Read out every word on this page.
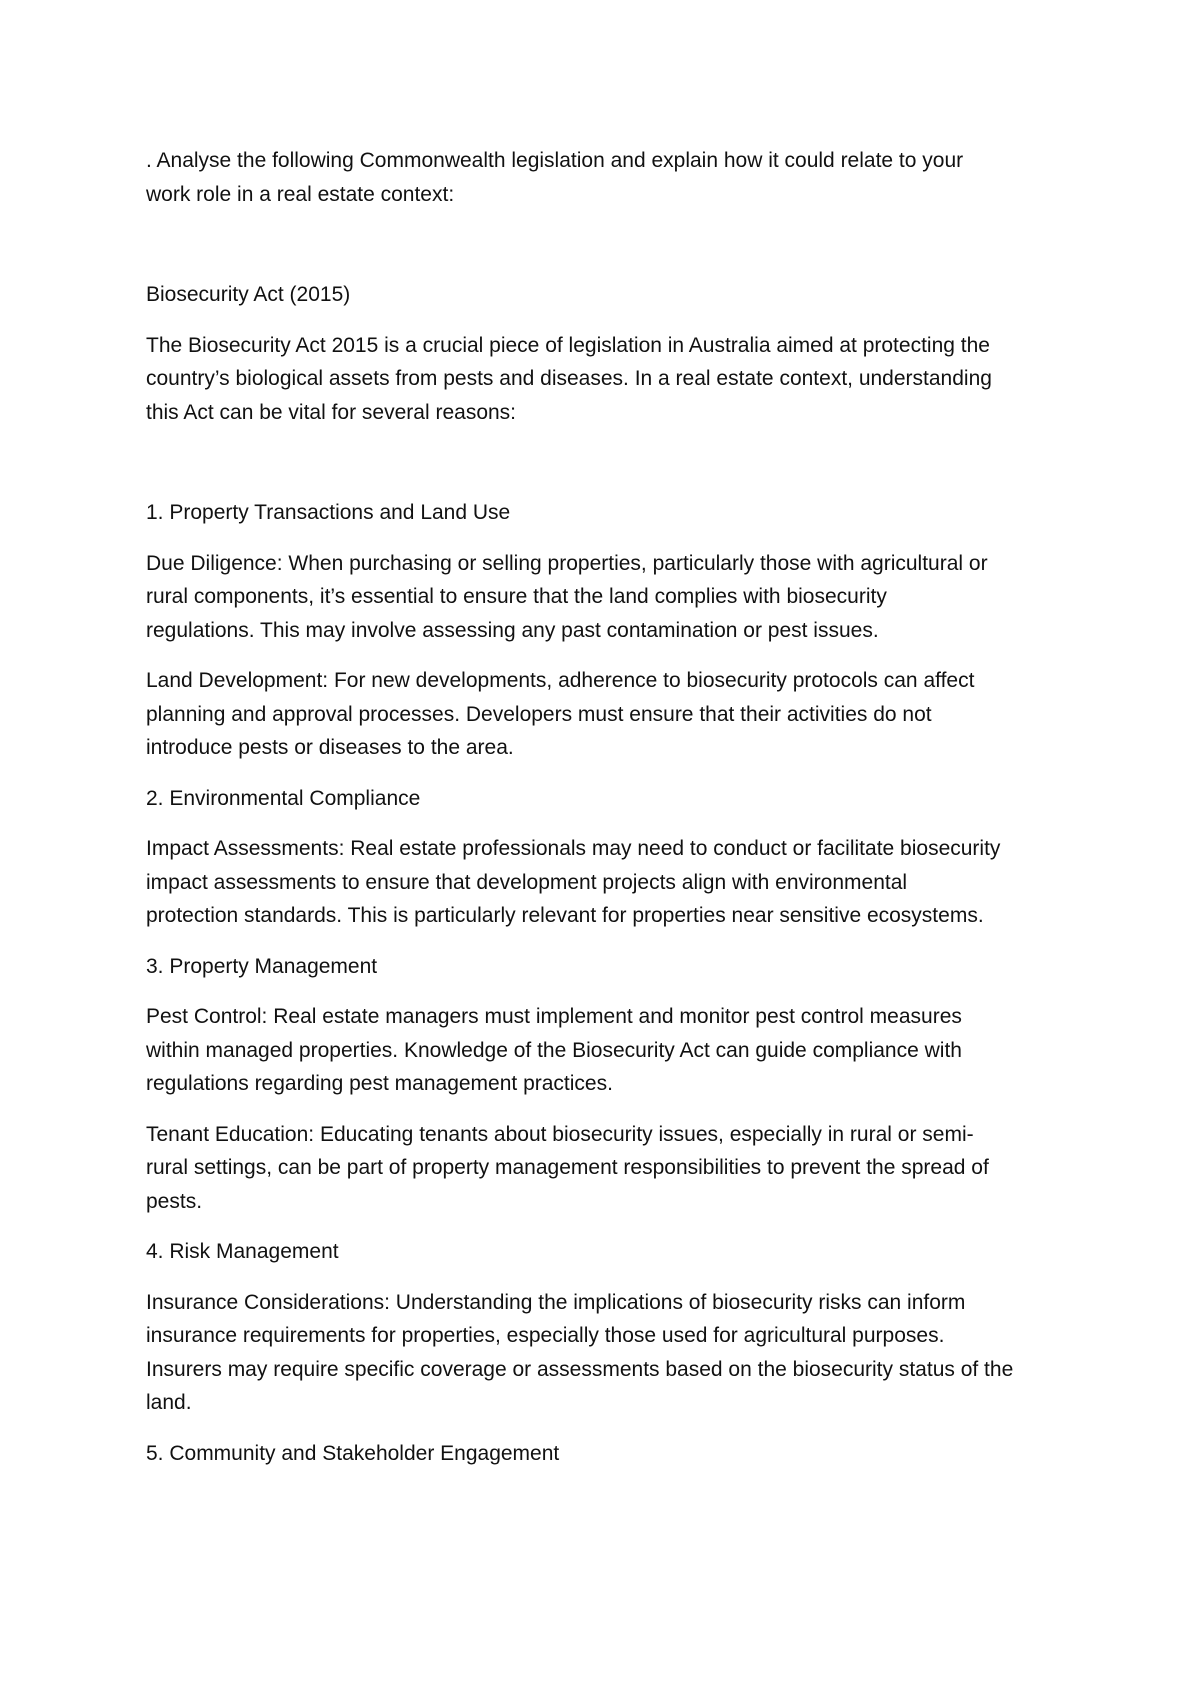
. Analyse the following Commonwealth legislation and explain how it could relate to your
work role in a real estate context:

Biosecurity Act (2015)

The Biosecurity Act 2015 is a crucial piece of legislation in Australia aimed at protecting the
country’s biological assets from pests and diseases. In a real estate context, understanding
this Act can be vital for several reasons:

1. Property Transactions and Land Use

Due Diligence: When purchasing or selling properties, particularly those with agricultural or
rural components, it’s essential to ensure that the land complies with biosecurity
regulations. This may involve assessing any past contamination or pest issues.

Land Development: For new developments, adherence to biosecurity protocols can affect
planning and approval processes. Developers must ensure that their activities do not
introduce pests or diseases to the area.

2. Environmental Compliance

Impact Assessments: Real estate professionals may need to conduct or facilitate biosecurity
impact assessments to ensure that development projects align with environmental
protection standards. This is particularly relevant for properties near sensitive ecosystems.

3. Property Management

Pest Control: Real estate managers must implement and monitor pest control measures
within managed properties. Knowledge of the Biosecurity Act can guide compliance with
regulations regarding pest management practices.

Tenant Education: Educating tenants about biosecurity issues, especially in rural or semi-
rural settings, can be part of property management responsibilities to prevent the spread of
pests.

4. Risk Management

Insurance Considerations: Understanding the implications of biosecurity risks can inform
insurance requirements for properties, especially those used for agricultural purposes.
Insurers may require specific coverage or assessments based on the biosecurity status of the
land.

5. Community and Stakeholder Engagement
